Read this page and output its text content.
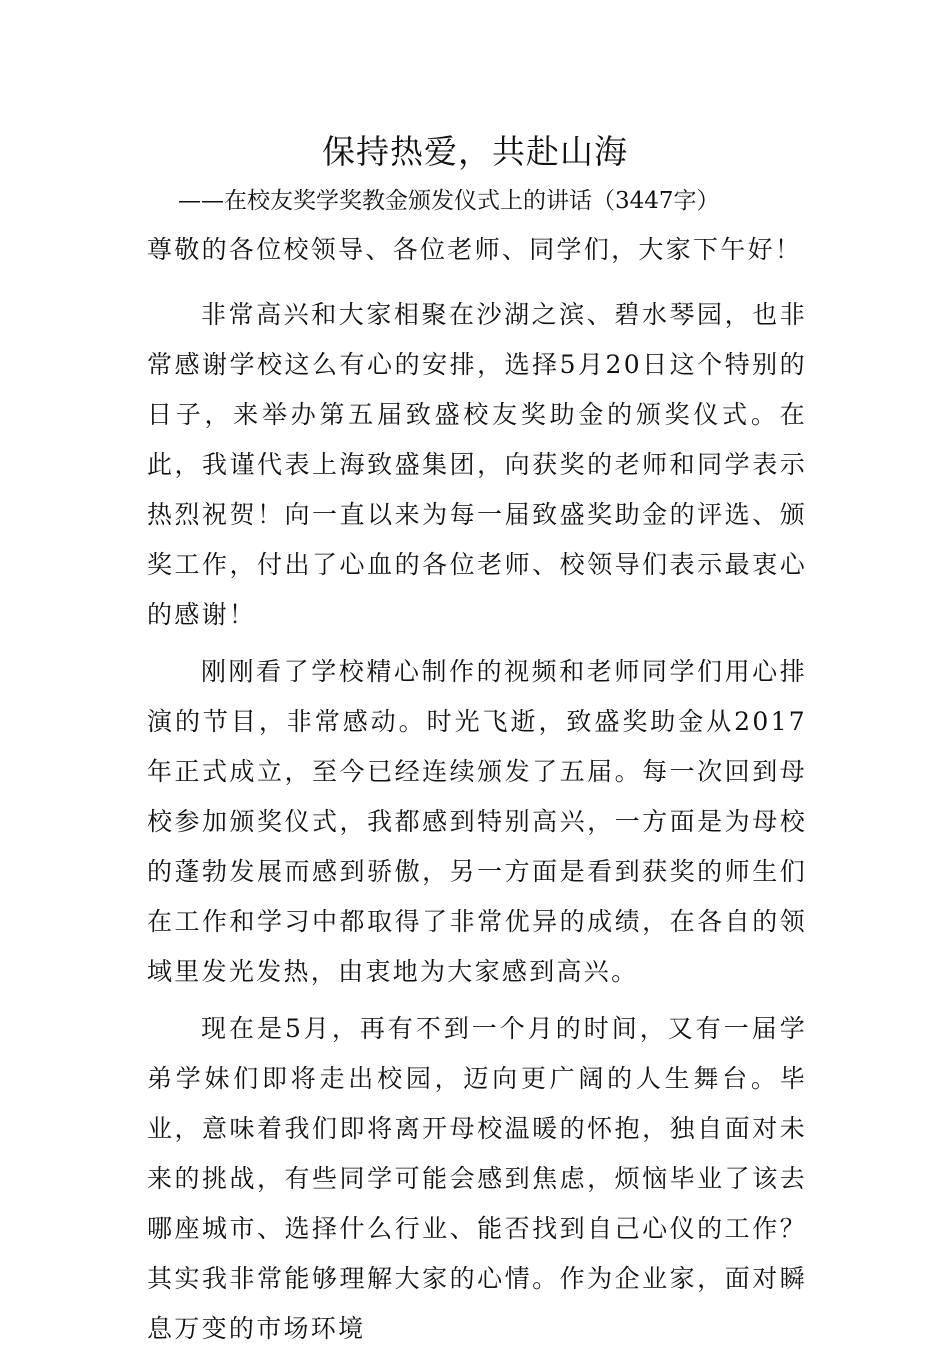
保持热爱，共赴山海
——在校友奖学奖教金颁发仪式上的讲话（3447字）

尊敬的各位校领导、各位老师、同学们，大家下午好！

非常高兴和大家相聚在沙湖之滨、碧水琴园，也非常感谢学校这么有心的安排，选择5月20日这个特别的日子，来举办第五届致盛校友奖助金的颁奖仪式。在此，我谨代表上海致盛集团，向获奖的老师和同学表示热烈祝贺！向一直以来为每一届致盛奖助金的评选、颁奖工作，付出了心血的各位老师、校领导们表示最衷心的感谢！

刚刚看了学校精心制作的视频和老师同学们用心排演的节目，非常感动。时光飞逝，致盛奖助金从2017年正式成立，至今已经连续颁发了五届。每一次回到母校参加颁奖仪式，我都感到特别高兴，一方面是为母校的蓬勃发展而感到骄傲，另一方面是看到获奖的师生们在工作和学习中都取得了非常优异的成绩，在各自的领域里发光发热，由衷地为大家感到高兴。

现在是5月，再有不到一个月的时间，又有一届学弟学妹们即将走出校园，迈向更广阔的人生舞台。毕业，意味着我们即将离开母校温暖的怀抱，独自面对未来的挑战，有些同学可能会感到焦虑，烦恼毕业了该去哪座城市、选择什么行业、能否找到自己心仪的工作？其实我非常能够理解大家的心情。作为企业家，面对瞬息万变的市场环境
